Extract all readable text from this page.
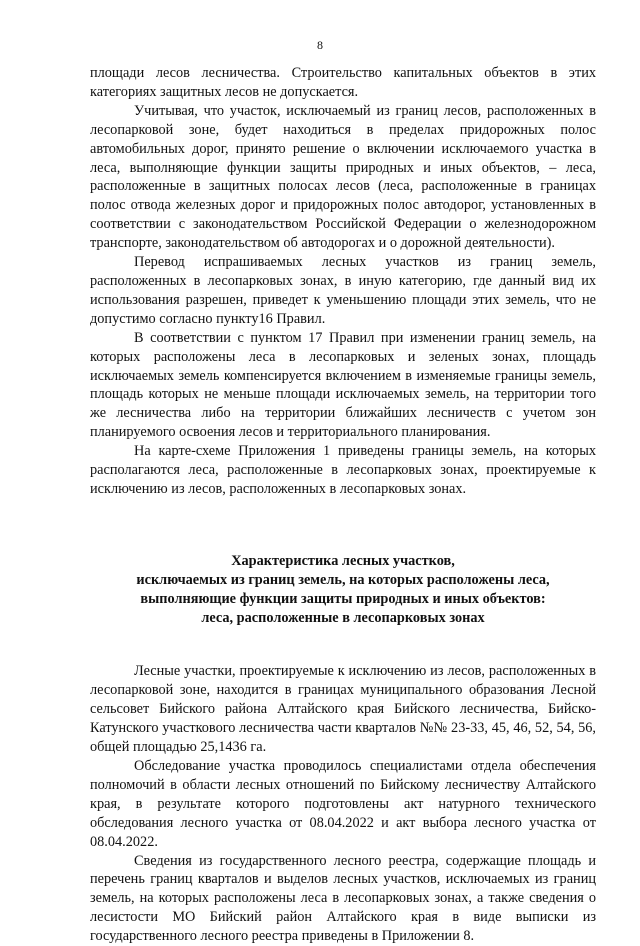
8

площади лесов лесничества. Строительство капитальных объектов в этих категориях защитных лесов не допускается.

Учитывая, что участок, исключаемый из границ лесов, расположенных в лесопарковой зоне, будет находиться в пределах придорожных полос автомобильных дорог, принято решение о включении исключаемого участка в леса, выполняющие функции защиты природных и иных объектов, – леса, расположенные в защитных полосах лесов (леса, расположенные в границах полос отвода железных дорог и придорожных полос автодорог, установленных в соответствии с законодательством Российской Федерации о железнодорожном транспорте, законодательством об автодорогах и о дорожной деятельности).

Перевод испрашиваемых лесных участков из границ земель, расположенных в лесопарковых зонах, в иную категорию, где данный вид их использования разрешен, приведет к уменьшению площади этих земель, что не допустимо согласно пункту16 Правил.

В соответствии с пунктом 17 Правил при изменении границ земель, на которых расположены леса в лесопарковых и зеленых зонах, площадь исключаемых земель компенсируется включением в изменяемые границы земель, площадь которых не меньше площади исключаемых земель, на территории того же лесничества либо на территории ближайших лесничеств с учетом зон планируемого освоения лесов и территориального планирования.

На карте-схеме Приложения 1 приведены границы земель, на которых располагаются леса, расположенные в лесопарковых зонах, проектируемые к исключению из лесов, расположенных в лесопарковых зонах.

Характеристика лесных участков,
исключаемых из границ земель, на которых расположены леса,
выполняющие функции защиты природных и иных объектов:
леса, расположенные в лесопарковых зонах

Лесные участки, проектируемые к исключению из лесов, расположенных в лесопарковой зоне, находится в границах муниципального образования Лесной сельсовет Бийского района Алтайского края Бийского лесничества, Бийско-Катунского участкового лесничества части кварталов №№ 23-33, 45, 46, 52, 54, 56, общей площадью 25,1436 га.

Обследование участка проводилось специалистами отдела обеспечения полномочий в области лесных отношений по Бийскому лесничеству Алтайского края, в результате которого подготовлены акт натурного технического обследования лесного участка от 08.04.2022 и акт выбора лесного участка от 08.04.2022.

Сведения из государственного лесного реестра, содержащие площадь и перечень границ кварталов и выделов лесных участков, исключаемых из границ земель, на которых расположены леса в лесопарковых зонах, а также сведения о лесистости МО Бийский район Алтайского края в виде выписки из государственного лесного реестра приведены в Приложении 8.
